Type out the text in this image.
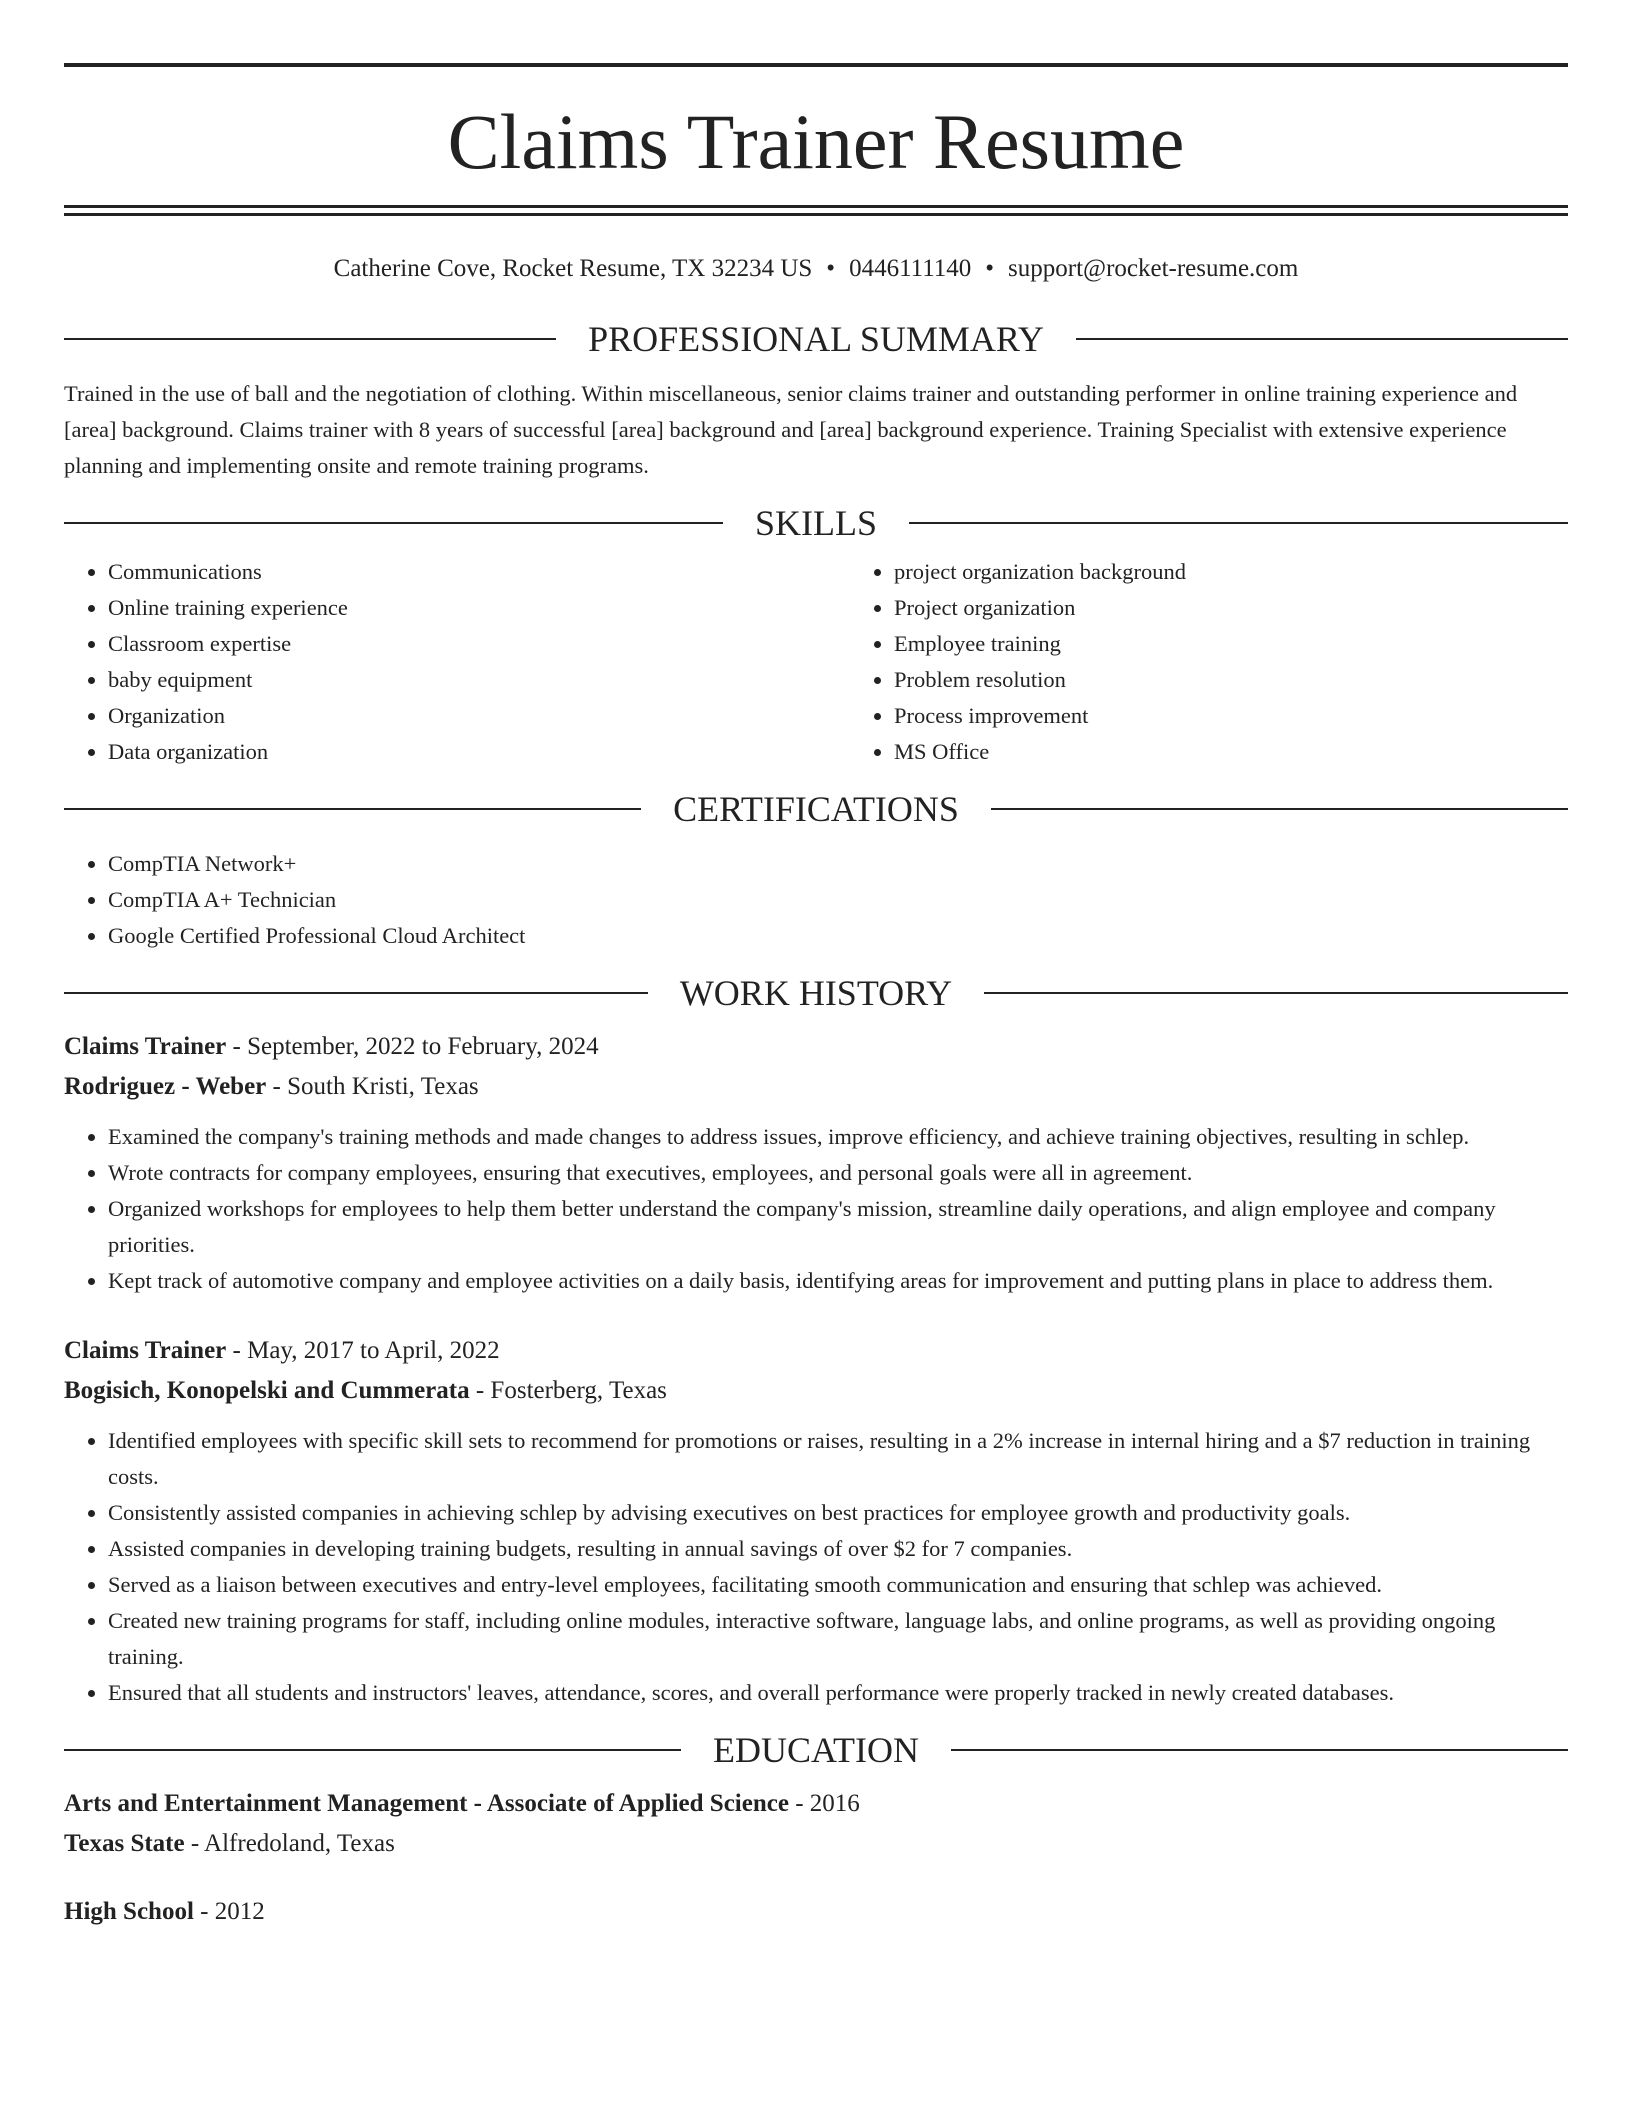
Claims Trainer Resume
Catherine Cove, Rocket Resume, TX 32234 US • 0446111140 • support@rocket-resume.com
PROFESSIONAL SUMMARY

Trained in the use of ball and the negotiation of clothing. Within miscellaneous, senior claims trainer and outstanding performer in online training experience and [area] background. Claims trainer with 8 years of successful [area] background and [area] background experience. Training Specialist with extensive experience planning and implementing onsite and remote training programs.

SKILLS
• Communications
• Online training experience
• Classroom expertise
• baby equipment
• Organization
• Data organization
• project organization background
• Project organization
• Employee training
• Problem resolution
• Process improvement
• MS Office
CERTIFICATIONS
• CompTIA Network+
• CompTIA A+ Technician
• Google Certified Professional Cloud Architect
WORK HISTORY
Claims Trainer - September, 2022 to February, 2024
Rodriguez - Weber - South Kristi, Texas
• Examined the company's training methods and made changes to address issues, improve efficiency, and achieve training objectives, resulting in schlep.
• Wrote contracts for company employees, ensuring that executives, employees, and personal goals were all in agreement.
• Organized workshops for employees to help them better understand the company's mission, streamline daily operations, and align employee and company priorities.
• Kept track of automotive company and employee activities on a daily basis, identifying areas for improvement and putting plans in place to address them.
Claims Trainer - May, 2017 to April, 2022
Bogisich, Konopelski and Cummerata - Fosterberg, Texas
• Identified employees with specific skill sets to recommend for promotions or raises, resulting in a 2% increase in internal hiring and a $7 reduction in training costs.
• Consistently assisted companies in achieving schlep by advising executives on best practices for employee growth and productivity goals.
• Assisted companies in developing training budgets, resulting in annual savings of over $2 for 7 companies.
• Served as a liaison between executives and entry-level employees, facilitating smooth communication and ensuring that schlep was achieved.
• Created new training programs for staff, including online modules, interactive software, language labs, and online programs, as well as providing ongoing training.
• Ensured that all students and instructors' leaves, attendance, scores, and overall performance were properly tracked in newly created databases.
EDUCATION
Arts and Entertainment Management - Associate of Applied Science - 2016
Texas State - Alfredoland, Texas
High School - 2012
